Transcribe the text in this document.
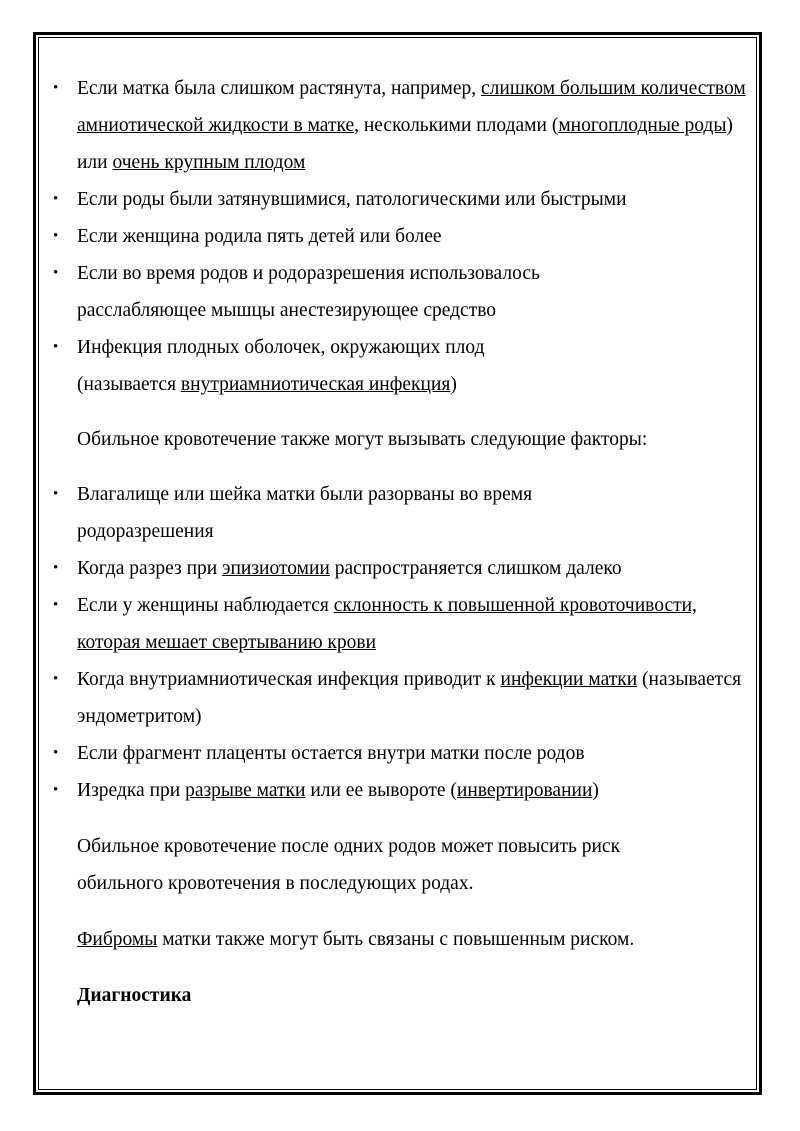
• Если матка была слишком растянута, например, слишком большим количеством амниотической жидкости в матке, несколькими плодами (многоплодные роды) или очень крупным плодом
• Если роды были затянувшимися, патологическими или быстрыми
• Если женщина родила пять детей или более
• Если во время родов и родоразрешения использовалось
расслабляющее мышцы анестезирующее средство
• Инфекция плодных оболочек, окружающих плод
(называется внутриамниотическая инфекция)

Обильное кровотечение также могут вызывать следующие факторы:

• Влагалище или шейка матки были разорваны во время
родоразрешения
• Когда разрез при эпизиотомии распространяется слишком далеко
• Если у женщины наблюдается склонность к повышенной кровоточивости, которая мешает свертыванию крови
• Когда внутриамниотическая инфекция приводит к инфекции матки (называется эндометритом)
• Если фрагмент плаценты остается внутри матки после родов
• Изредка при разрыве матки или ее вывороте (инвертировании)

Обильное кровотечение после одних родов может повысить риск
обильного кровотечения в последующих родах.

Фибромы матки также могут быть связаны с повышенным риском.

Диагностика
